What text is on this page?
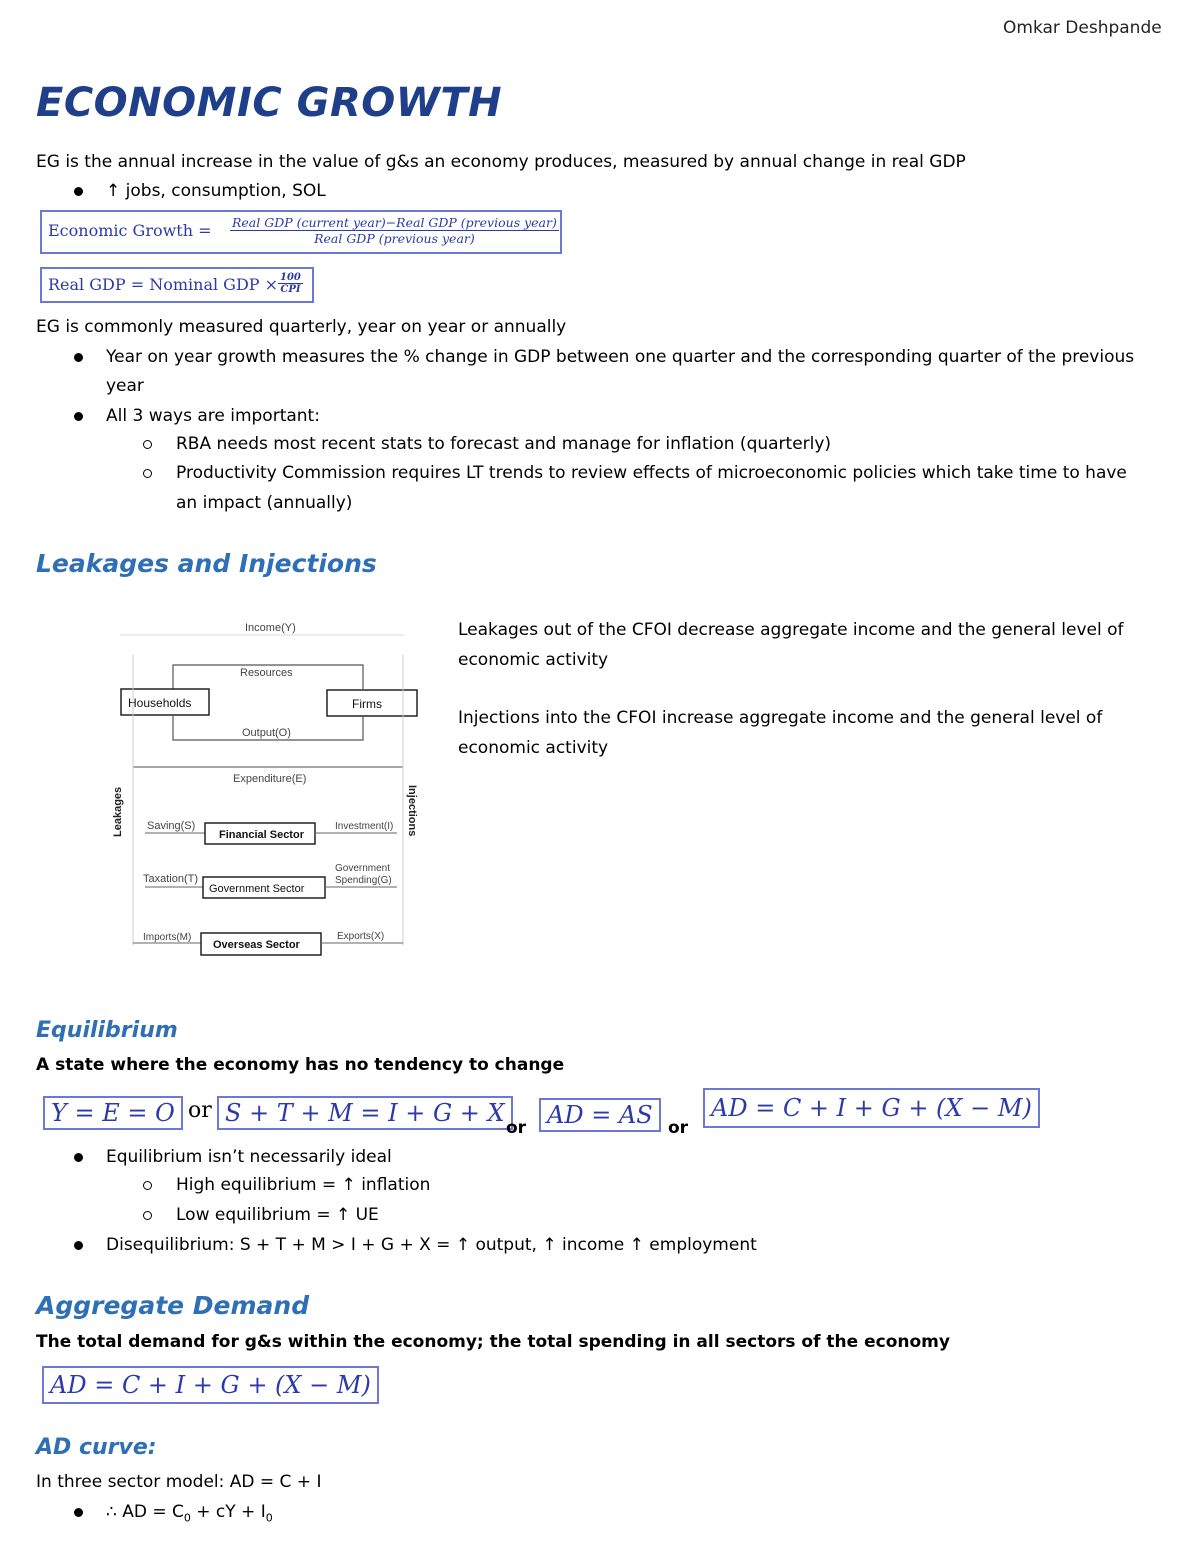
Omkar Deshpande
ECONOMIC GROWTH
EG is the annual increase in the value of g&s an economy produces, measured by annual change in real GDP
↑ jobs, consumption, SOL
Economic Growth = Real GDP (current year)−Real GDP (previous year)
Real GDP (previous year)
Real GDP = Nominal GDP × 100
CPI
EG is commonly measured quarterly, year on year or annually
Year on year growth measures the % change in GDP between one quarter and the corresponding quarter of the previous
year
All 3 ways are important:
RBA needs most recent stats to forecast and manage for inflation (quarterly)
Productivity Commission requires LT trends to review effects of microeconomic policies which take time to have
an impact (annually)
Leakages and Injections
Income(Y)
Resources
Households	Firms
Output(O)
Expenditure(E)
Leakages	Injections
Saving(S)
Financial Sector
Investment(I)
Taxation(T)
Government Sector
Government
Spending(G)
Imports(M)
Overseas Sector
Exports(X)
Leakages out of the CFOI decrease aggregate income and the general level of
economic activity
Injections into the CFOI increase aggregate income and the general level of
economic activity
Equilibrium
A state where the economy has no tendency to change
Y = E = O or S + T + M = I + G + X
or AD = AS or
AD = C + I + G + (X − M)
Equilibrium isn’t necessarily ideal
High equilibrium = ↑ inflation
Low equilibrium = ↑ UE
Disequilibrium: S + T + M > I + G + X = ↑ output, ↑ income ↑ employment
Aggregate Demand
The total demand for g&s within the economy; the total spending in all sectors of the economy
AD = C + I + G + (X − M)
AD curve:
In three sector model: AD = C + I
∴ AD = $C_0$ + cY + $I_0$
